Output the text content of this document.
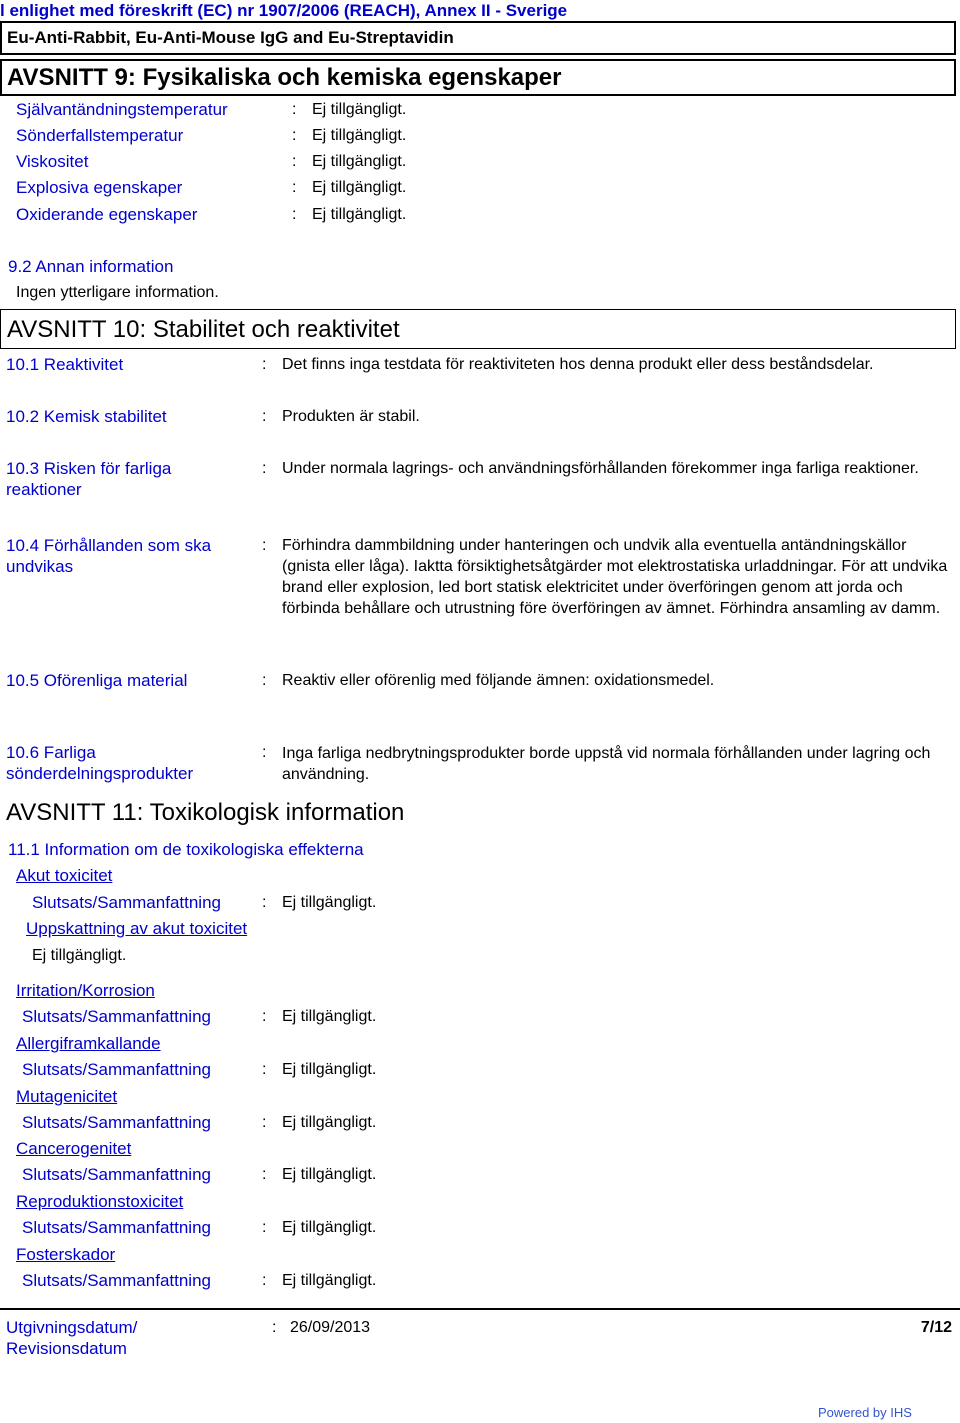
l enlighet med föreskrift (EC) nr 1907/2006 (REACH), Annex II - Sverige
Eu-Anti-Rabbit, Eu-Anti-Mouse IgG and Eu-Streptavidin
AVSNITT 9: Fysikaliska och kemiska egenskaper
Självantändningstemperatur	: Ej tillgängligt.
Sönderfallstemperatur	: Ej tillgängligt.
Viskositet	: Ej tillgängligt.
Explosiva egenskaper	: Ej tillgängligt.
Oxiderande egenskaper	: Ej tillgängligt.
9.2 Annan information
Ingen ytterligare information.
AVSNITT 10: Stabilitet och reaktivitet
10.1 Reaktivitet	: Det finns inga testdata för reaktiviteten hos denna produkt eller dess beståndsdelar.
10.2 Kemisk stabilitet	: Produkten är stabil.
10.3 Risken för farliga
reaktioner
: Under normala lagrings- och användningsförhållanden förekommer inga farliga reaktioner.
10.4 Förhållanden som ska
undvikas
: Förhindra dammbildning under hanteringen och undvik alla eventuella antändningskällor (gnista eller låga). Iaktta försiktighetsåtgärder mot elektrostatiska urladdningar. För att undvika brand eller explosion, led bort statisk elektricitet under överföringen genom att jorda och förbinda behållare och utrustning före överföringen av ämnet. Förhindra ansamling av damm.
10.5 Oförenliga material	: Reaktiv eller oförenlig med följande ämnen: oxidationsmedel.
10.6 Farliga
sönderdelningsprodukter
: Inga farliga nedbrytningsprodukter borde uppstå vid normala förhållanden under lagring och användning.
AVSNITT 11: Toxikologisk information
11.1 Information om de toxikologiska effekterna
Akut toxicitet
Slutsats/Sammanfattning	: Ej tillgängligt.
Uppskattning av akut toxicitet
Ej tillgängligt.
Irritation/Korrosion
Slutsats/Sammanfattning	: Ej tillgängligt.
Allergiframkallande
Slutsats/Sammanfattning	: Ej tillgängligt.
Mutagenicitet
Slutsats/Sammanfattning	: Ej tillgängligt.
Cancerogenitet
Slutsats/Sammanfattning	: Ej tillgängligt.
Reproduktionstoxicitet
Slutsats/Sammanfattning	: Ej tillgängligt.
Fosterskador
Slutsats/Sammanfattning	: Ej tillgängligt.
Utgivningsdatum/
Revisionsdatum
: 26/09/2013	7/12
Powered by IHS
